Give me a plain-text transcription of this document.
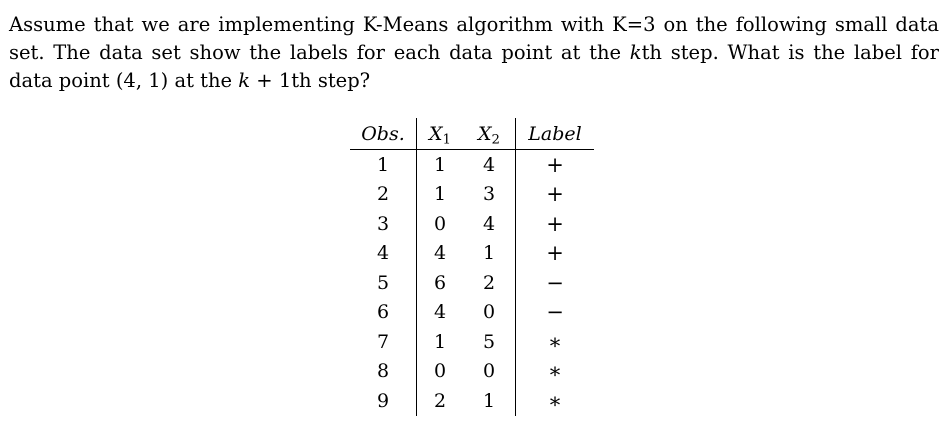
Assume that we are implementing K-Means algorithm with K=3 on the following small data set. The data set show the labels for each data point at the kth step. What is the label for data point (4, 1) at the k + 1th step?
Obs.	$X_1$	$X_2$	Label
1	1	4	+
2	1	3	+
3	0	4	+
4	4	1	+
5	6	2	−
6	4	0	−
7	1	5	∗
8	0	0	∗
9	2	1	∗
